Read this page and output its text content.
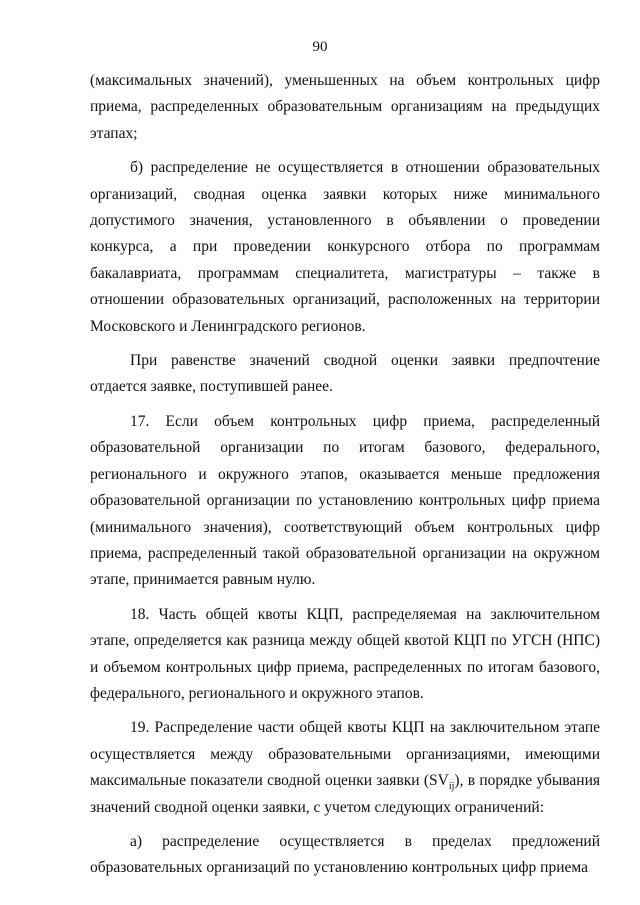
90

(максимальных значений), уменьшенных на объем контрольных цифр приема, распределенных образовательным организациям на предыдущих этапах;

б) распределение не осуществляется в отношении образовательных организаций, сводная оценка заявки которых ниже минимального допустимого значения, установленного в объявлении о проведении конкурса, а при проведении конкурсного отбора по программам бакалавриата, программам специалитета, магистратуры – также в отношении образовательных организаций, расположенных на территории Московского и Ленинградского регионов.

При равенстве значений сводной оценки заявки предпочтение отдается заявке, поступившей ранее.

17. Если объем контрольных цифр приема, распределенный образовательной организации по итогам базового, федерального, регионального и окружного этапов, оказывается меньше предложения образовательной организации по установлению контрольных цифр приема (минимального значения), соответствующий объем контрольных цифр приема, распределенный такой образовательной организации на окружном этапе, принимается равным нулю.

18. Часть общей квоты КЦП, распределяемая на заключительном этапе, определяется как разница между общей квотой КЦП по УГСН (НПС) и объемом контрольных цифр приема, распределенных по итогам базового, федерального, регионального и окружного этапов.

19. Распределение части общей квоты КЦП на заключительном этапе осуществляется между образовательными организациями, имеющими максимальные показатели сводной оценки заявки $(SV_{ij})$, в порядке убывания значений сводной оценки заявки, с учетом следующих ограничений:

а) распределение осуществляется в пределах предложений образовательных организаций по установлению контрольных цифр приема
